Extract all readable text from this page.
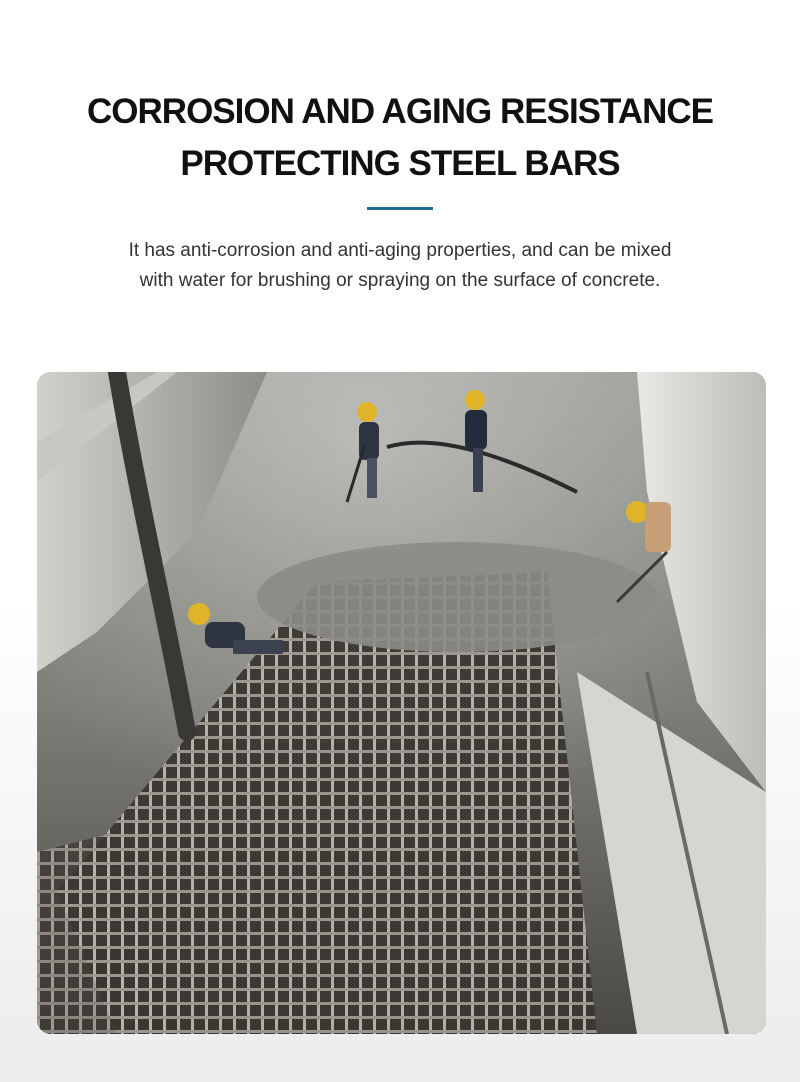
CORROSION AND AGING RESISTANCE
PROTECTING STEEL BARS

It has anti-corrosion and anti-aging properties, and can be mixed
with water for brushing or spraying on the surface of concrete.
